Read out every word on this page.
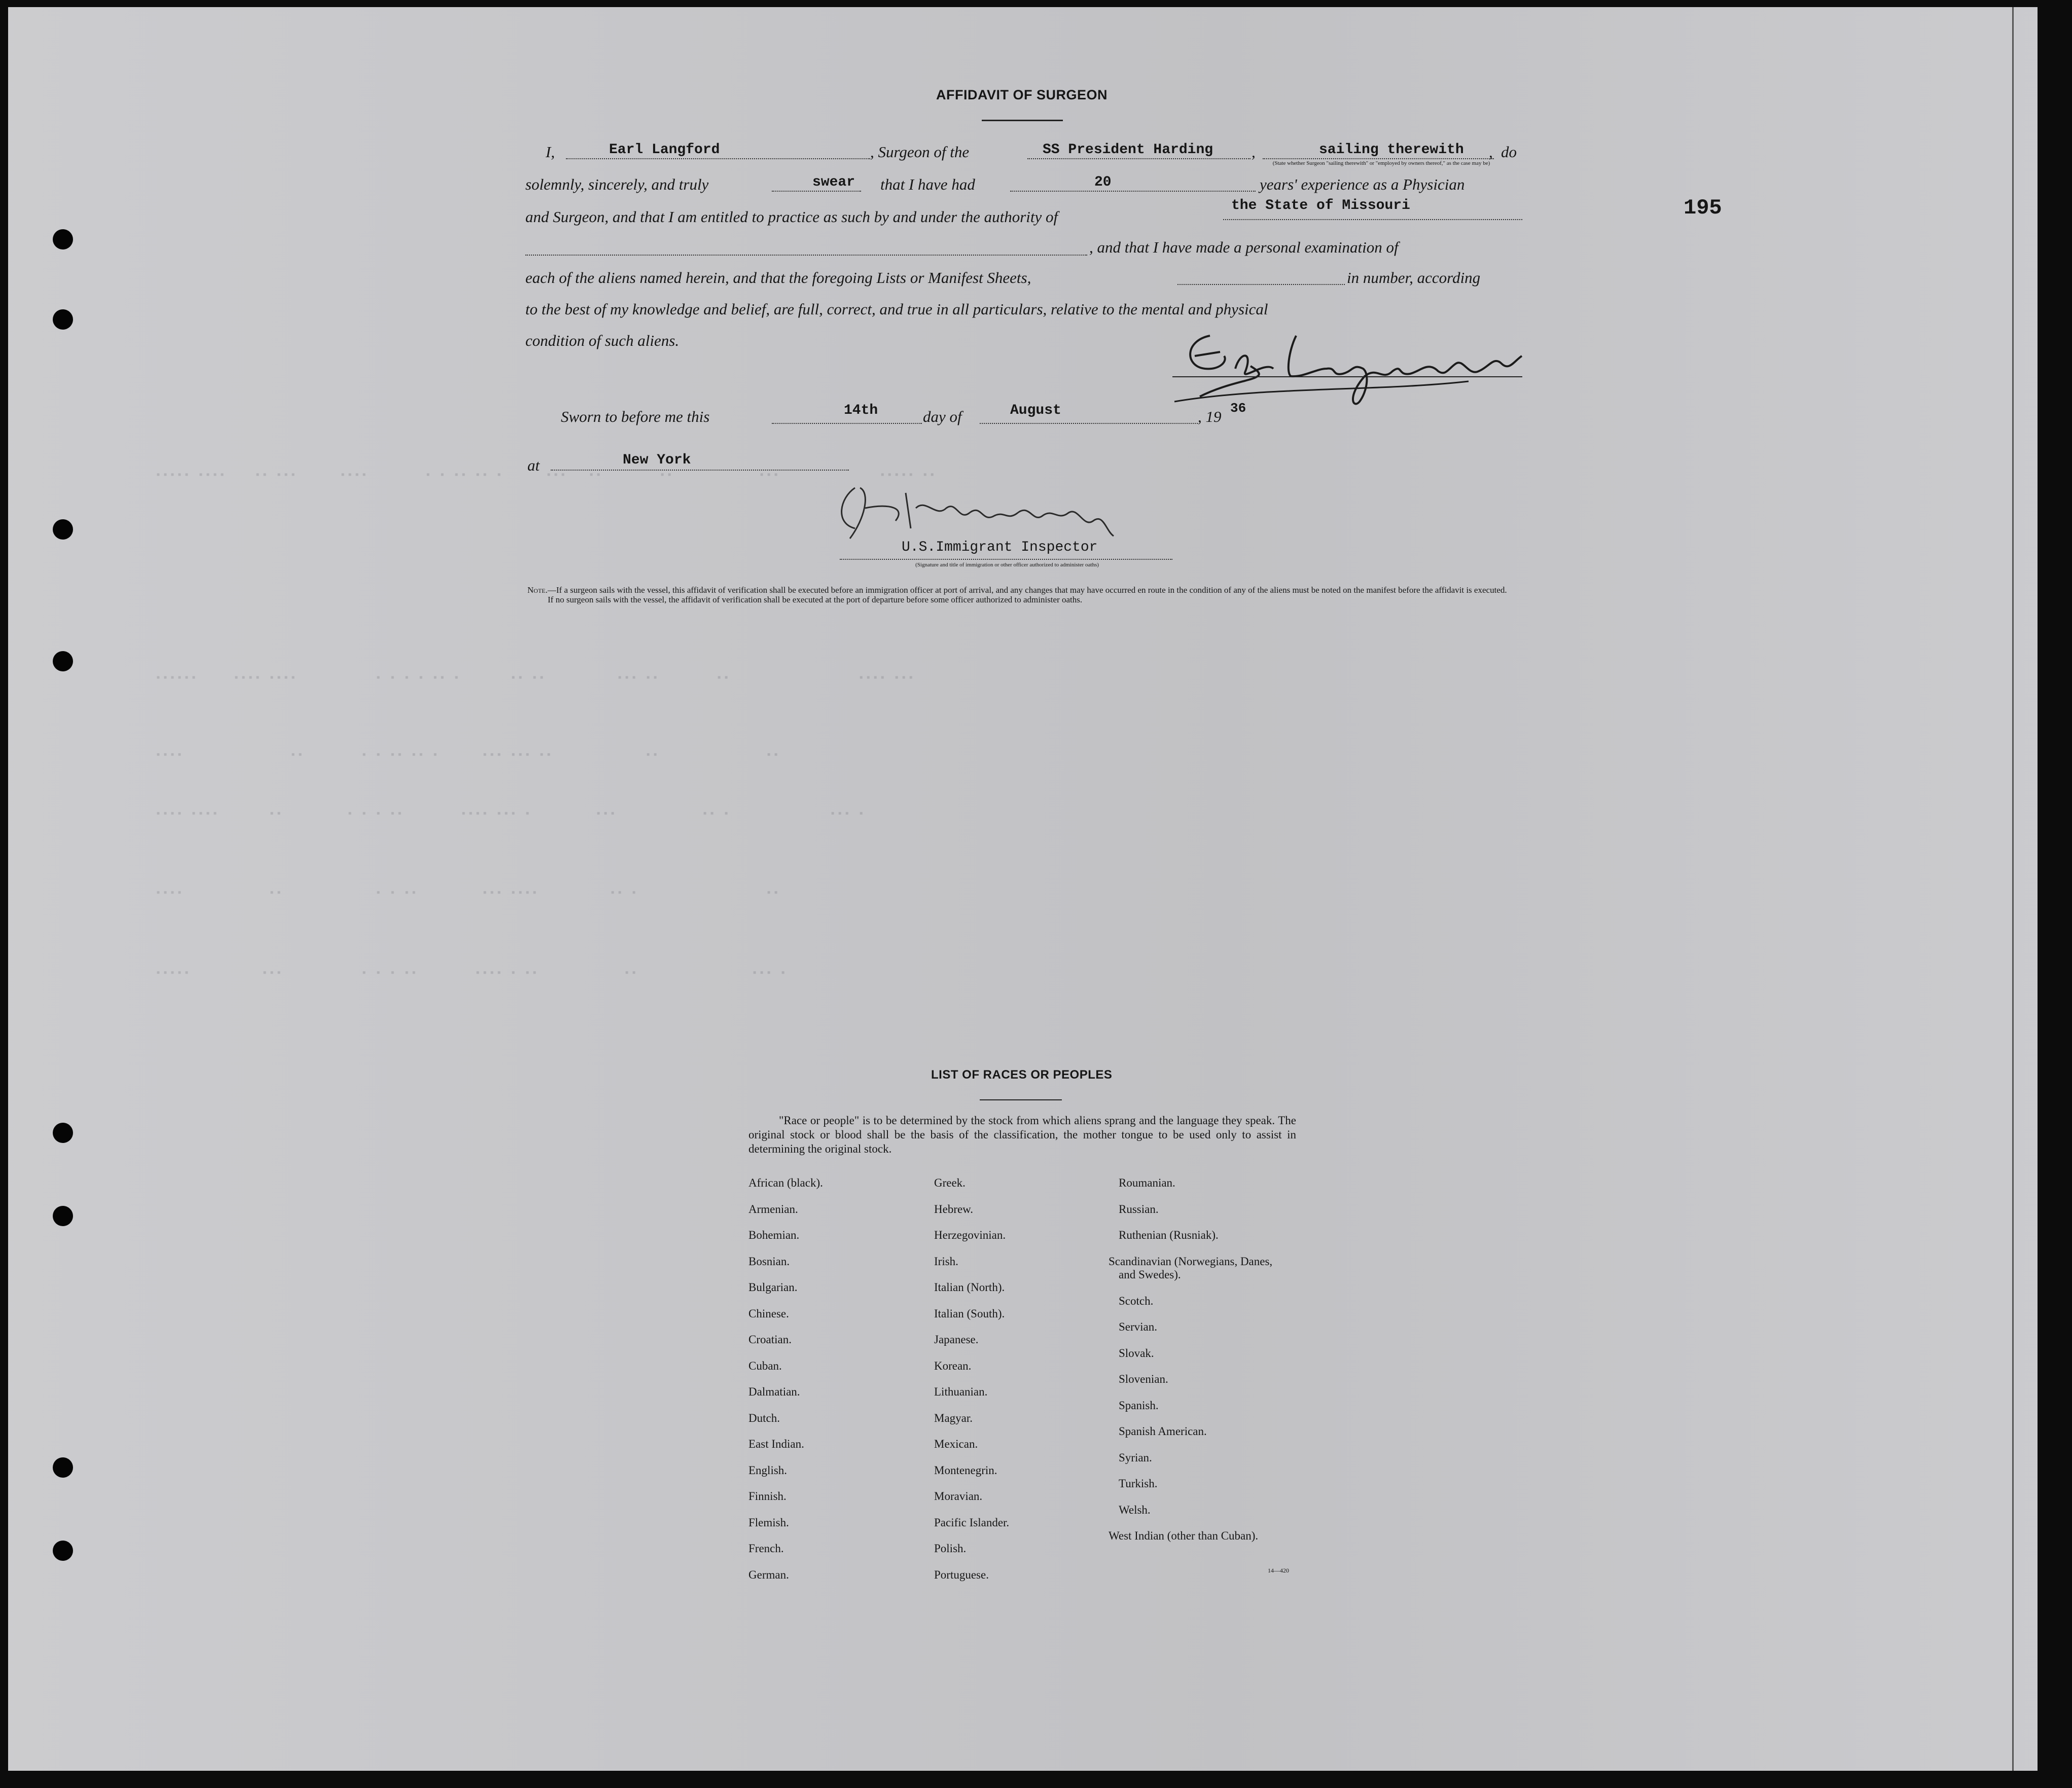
▪▪▪▪▪ ▪▪▪▪    ▪▪ ▪▪▪      ▪▪▪▪        ▪ ▪ ▪▪ ▪▪ ▪      ▪▪▪   ▪▪        ▪▪            ▪▪▪              ▪▪▪▪▪ ▪▪
▪▪▪▪▪▪     ▪▪▪▪ ▪▪▪▪           ▪ ▪ ▪ ▪ ▪▪ ▪       ▪▪ ▪▪          ▪▪▪ ▪▪        ▪▪                  ▪▪▪▪ ▪▪▪
▪▪▪▪               ▪▪        ▪ ▪ ▪▪ ▪▪ ▪      ▪▪▪ ▪▪▪ ▪▪             ▪▪               ▪▪
▪▪▪▪ ▪▪▪▪       ▪▪         ▪ ▪ ▪ ▪▪        ▪▪▪▪ ▪▪▪ ▪         ▪▪▪            ▪▪ ▪              ▪▪▪ ▪
▪▪▪▪            ▪▪             ▪ ▪ ▪▪         ▪▪▪ ▪▪▪▪          ▪▪ ▪                  ▪▪
▪▪▪▪▪          ▪▪▪           ▪ ▪ ▪ ▪▪        ▪▪▪▪ ▪ ▪▪            ▪▪                ▪▪▪ ▪
195
AFFIDAVIT OF SURGEON
I,	Earl Langford	, Surgeon of the	SS President Harding ,	sailing therewith , do
(State whether Surgeon "sailing therewith" or "employed by owners thereof," as the case may be)
solemnly, sincerely, and truly	swear that I have had	20	years' experience as a Physician
and Surgeon, and that I am entitled to practice as such by and under the authority of
the State of Missouri
, and that I have made a personal examination of
each of the aliens named herein, and that the foregoing Lists or Manifest Sheets,	in number, according
to the best of my knowledge and belief, are full, correct, and true in all particulars, relative to the mental and physical
condition of such aliens.
Sworn to before me this	14th	day of	August	, 19 36
at	New York
U.S.Immigrant Inspector
(Signature and title of immigration or other officer authorized to administer oaths)
Note.—If a surgeon sails with the vessel, this affidavit of verification shall be executed before an immigration officer at port of arrival, and any changes that may have occurred en route in the condition of any of the aliens must be noted on the manifest before the affidavit is executed.
If no surgeon sails with the vessel, the affidavit of verification shall be executed at the port of departure before some officer authorized to administer oaths.
LIST OF RACES OR PEOPLES
"Race or people" is to be determined by the stock from which aliens sprang and the language they speak. The original stock or blood shall be the basis of the classification, the mother tongue to be used only to assist in determining the original stock.
African (black).
Armenian.
Bohemian.
Bosnian.
Bulgarian.
Chinese.
Croatian.
Cuban.
Dalmatian.
Dutch.
East Indian.
English.
Finnish.
Flemish.
French.
German.
Greek.
Hebrew.
Herzegovinian.
Irish.
Italian (North).
Italian (South).
Japanese.
Korean.
Lithuanian.
Magyar.
Mexican.
Montenegrin.
Moravian.
Pacific Islander.
Polish.
Portuguese.
Roumanian.
Russian.
Ruthenian (Rusniak).
Scandinavian (Norwegians, Danes, and Swedes).
Scotch.
Servian.
Slovak.
Slovenian.
Spanish.
Spanish American.
Syrian.
Turkish.
Welsh.
West Indian (other than Cuban).
14—420
